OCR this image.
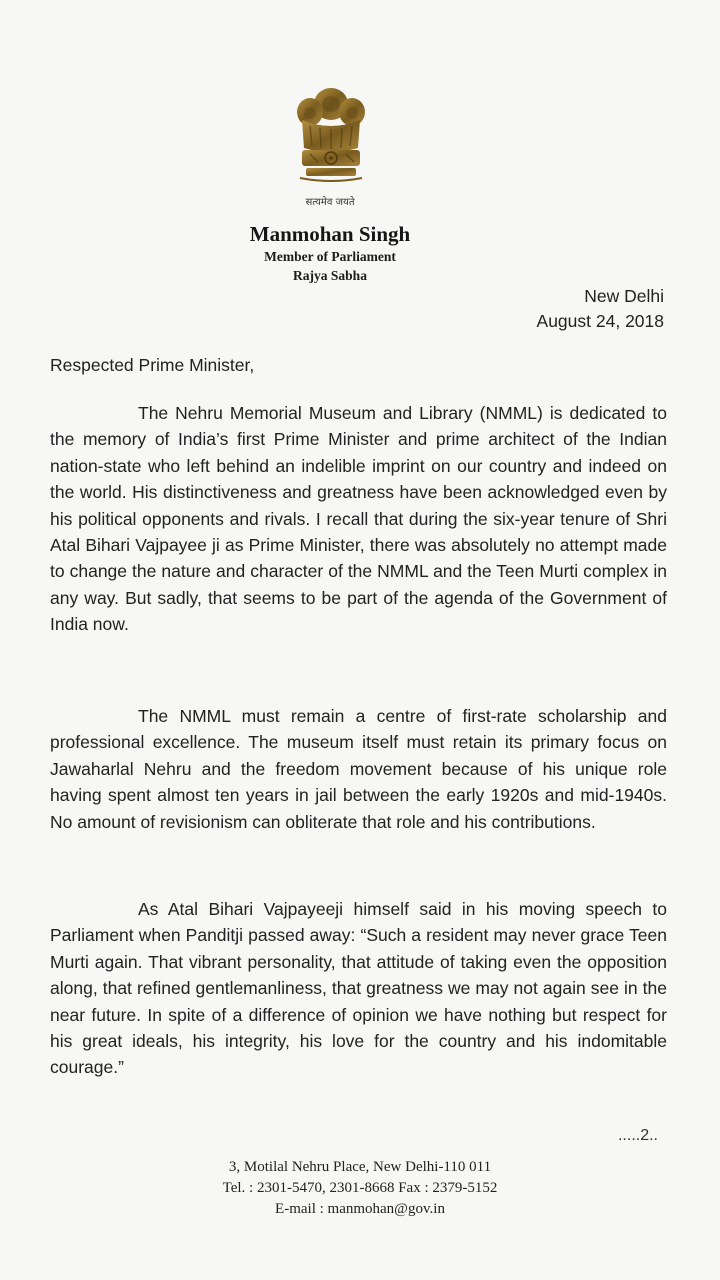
सत्यमेव जयते
Manmohan Singh
Member of Parliament
Rajya Sabha
New Delhi
August 24, 2018
Respected Prime Minister,

The Nehru Memorial Museum and Library (NMML) is dedicated to the memory of India’s first Prime Minister and prime architect of the Indian nation-state who left behind an indelible imprint on our country and indeed on the world. His distinctiveness and greatness have been acknowledged even by his political opponents and rivals. I recall that during the six-year tenure of Shri Atal Bihari Vajpayee ji as Prime Minister, there was absolutely no attempt made to change the nature and character of the NMML and the Teen Murti complex in any way. But sadly, that seems to be part of the agenda of the Government of India now.

The NMML must remain a centre of first-rate scholarship and professional excellence. The museum itself must retain its primary focus on Jawaharlal Nehru and the freedom movement because of his unique role having spent almost ten years in jail between the early 1920s and mid-1940s. No amount of revisionism can obliterate that role and his contributions.

As Atal Bihari Vajpayeeji himself said in his moving speech to Parliament when Panditji passed away: “Such a resident may never grace Teen Murti again. That vibrant personality, that attitude of taking even the opposition along, that refined gentlemanliness, that greatness we may not again see in the near future. In spite of a difference of opinion we have nothing but respect for his great ideals, his integrity, his love for the country and his indomitable courage.”

.....2..
3, Motilal Nehru Place, New Delhi-110 011
Tel. : 2301-5470, 2301-8668 Fax : 2379-5152
E-mail : manmohan@gov.in
